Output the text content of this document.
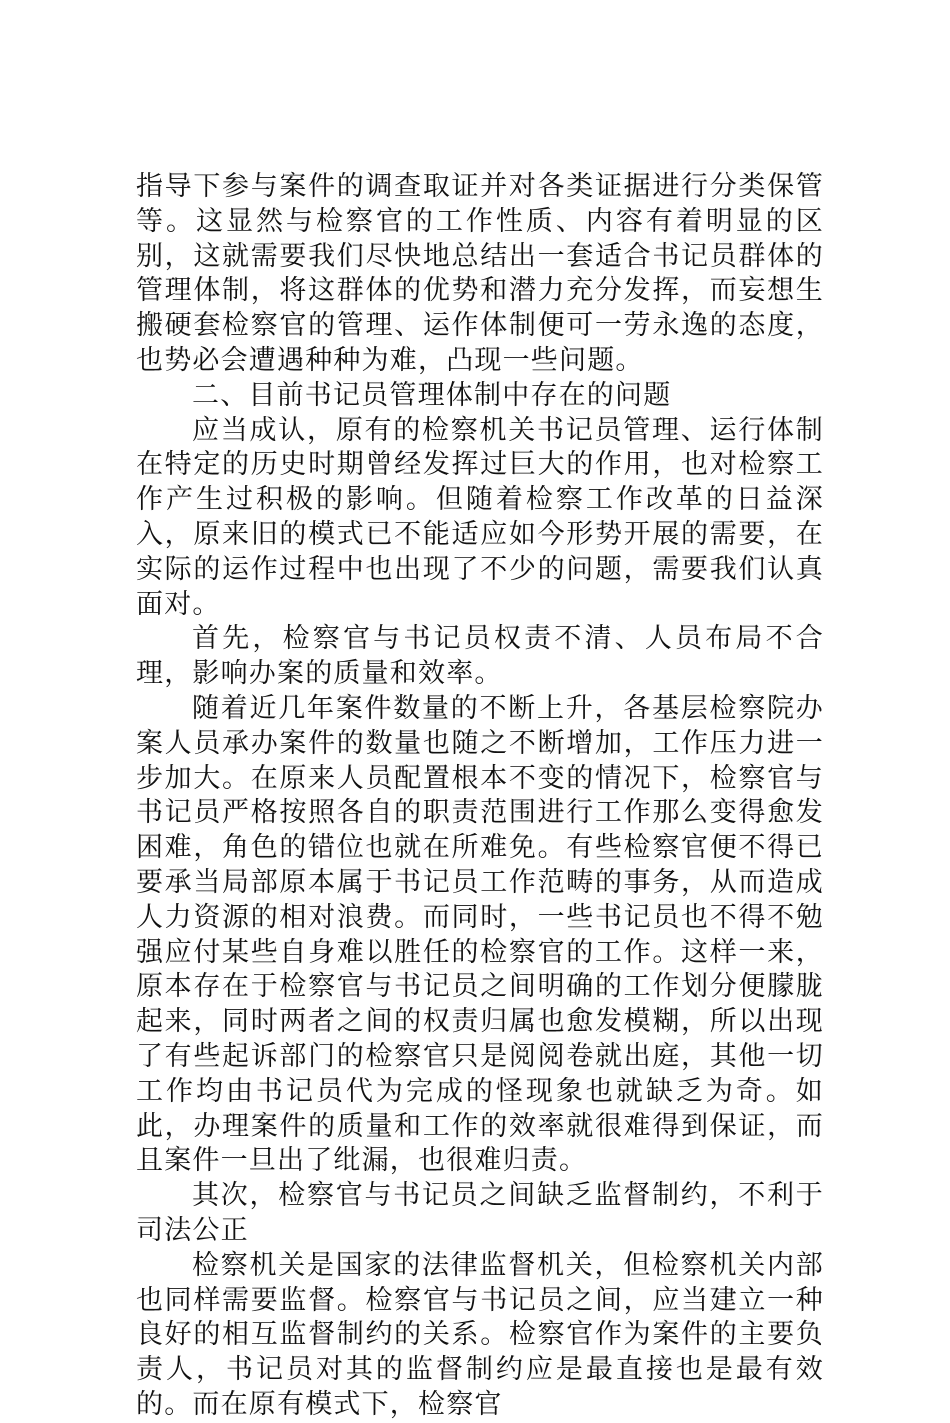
指导下参与案件的调查取证并对各类证据进行分类保管等。这显然与检察官的工作性质、内容有着明显的区别，这就需要我们尽快地总结出一套适合书记员群体的管理体制，将这群体的优势和潜力充分发挥，而妄想生搬硬套检察官的管理、运作体制便可一劳永逸的态度，也势必会遭遇种种为难，凸现一些问题。

二、目前书记员管理体制中存在的问题

应当成认，原有的检察机关书记员管理、运行体制在特定的历史时期曾经发挥过巨大的作用，也对检察工作产生过积极的影响。但随着检察工作改革的日益深入，原来旧的模式已不能适应如今形势开展的需要，在实际的运作过程中也出现了不少的问题，需要我们认真面对。

首先，检察官与书记员权责不清、人员布局不合理，影响办案的质量和效率。

随着近几年案件数量的不断上升，各基层检察院办案人员承办案件的数量也随之不断增加，工作压力进一步加大。在原来人员配置根本不变的情况下，检察官与书记员严格按照各自的职责范围进行工作那么变得愈发困难，角色的错位也就在所难免。有些检察官便不得已要承当局部原本属于书记员工作范畴的事务，从而造成人力资源的相对浪费。而同时，一些书记员也不得不勉强应付某些自身难以胜任的检察官的工作。这样一来，原本存在于检察官与书记员之间明确的工作划分便朦胧起来，同时两者之间的权责归属也愈发模糊，所以出现了有些起诉部门的检察官只是阅阅卷就出庭，其他一切工作均由书记员代为完成的怪现象也就缺乏为奇。如此，办理案件的质量和工作的效率就很难得到保证，而且案件一旦出了纰漏，也很难归责。

其次，检察官与书记员之间缺乏监督制约，不利于司法公正

检察机关是国家的法律监督机关，但检察机关内部也同样需要监督。检察官与书记员之间，应当建立一种良好的相互监督制约的关系。检察官作为案件的主要负责人，书记员对其的监督制约应是最直接也是最有效的。而在原有模式下，检察官
